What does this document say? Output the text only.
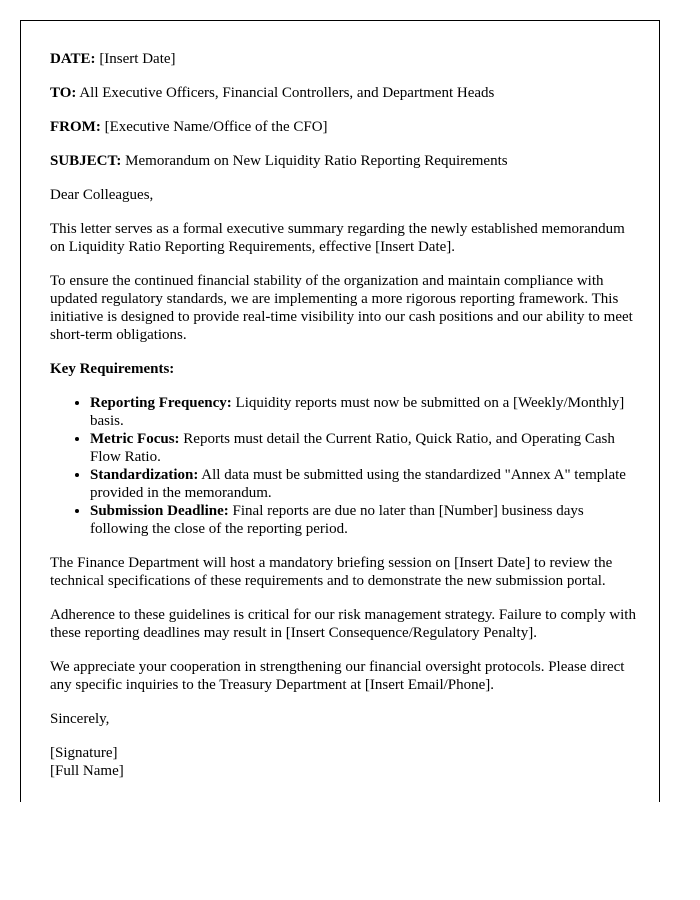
DATE: [Insert Date]

TO: All Executive Officers, Financial Controllers, and Department Heads

FROM: [Executive Name/Office of the CFO]

SUBJECT: Memorandum on New Liquidity Ratio Reporting Requirements

Dear Colleagues,

This letter serves as a formal executive summary regarding the newly established memorandum on Liquidity Ratio Reporting Requirements, effective [Insert Date].

To ensure the continued financial stability of the organization and maintain compliance with updated regulatory standards, we are implementing a more rigorous reporting framework. This initiative is designed to provide real-time visibility into our cash positions and our ability to meet short-term obligations.

Key Requirements:

• Reporting Frequency: Liquidity reports must now be submitted on a [Weekly/Monthly] basis.
• Metric Focus: Reports must detail the Current Ratio, Quick Ratio, and Operating Cash Flow Ratio.
• Standardization: All data must be submitted using the standardized "Annex A" template provided in the memorandum.
• Submission Deadline: Final reports are due no later than [Number] business days following the close of the reporting period.

The Finance Department will host a mandatory briefing session on [Insert Date] to review the technical specifications of these requirements and to demonstrate the new submission portal.

Adherence to these guidelines is critical for our risk management strategy. Failure to comply with these reporting deadlines may result in [Insert Consequence/Regulatory Penalty].

We appreciate your cooperation in strengthening our financial oversight protocols. Please direct any specific inquiries to the Treasury Department at [Insert Email/Phone].

Sincerely,

[Signature]

[Full Name]
